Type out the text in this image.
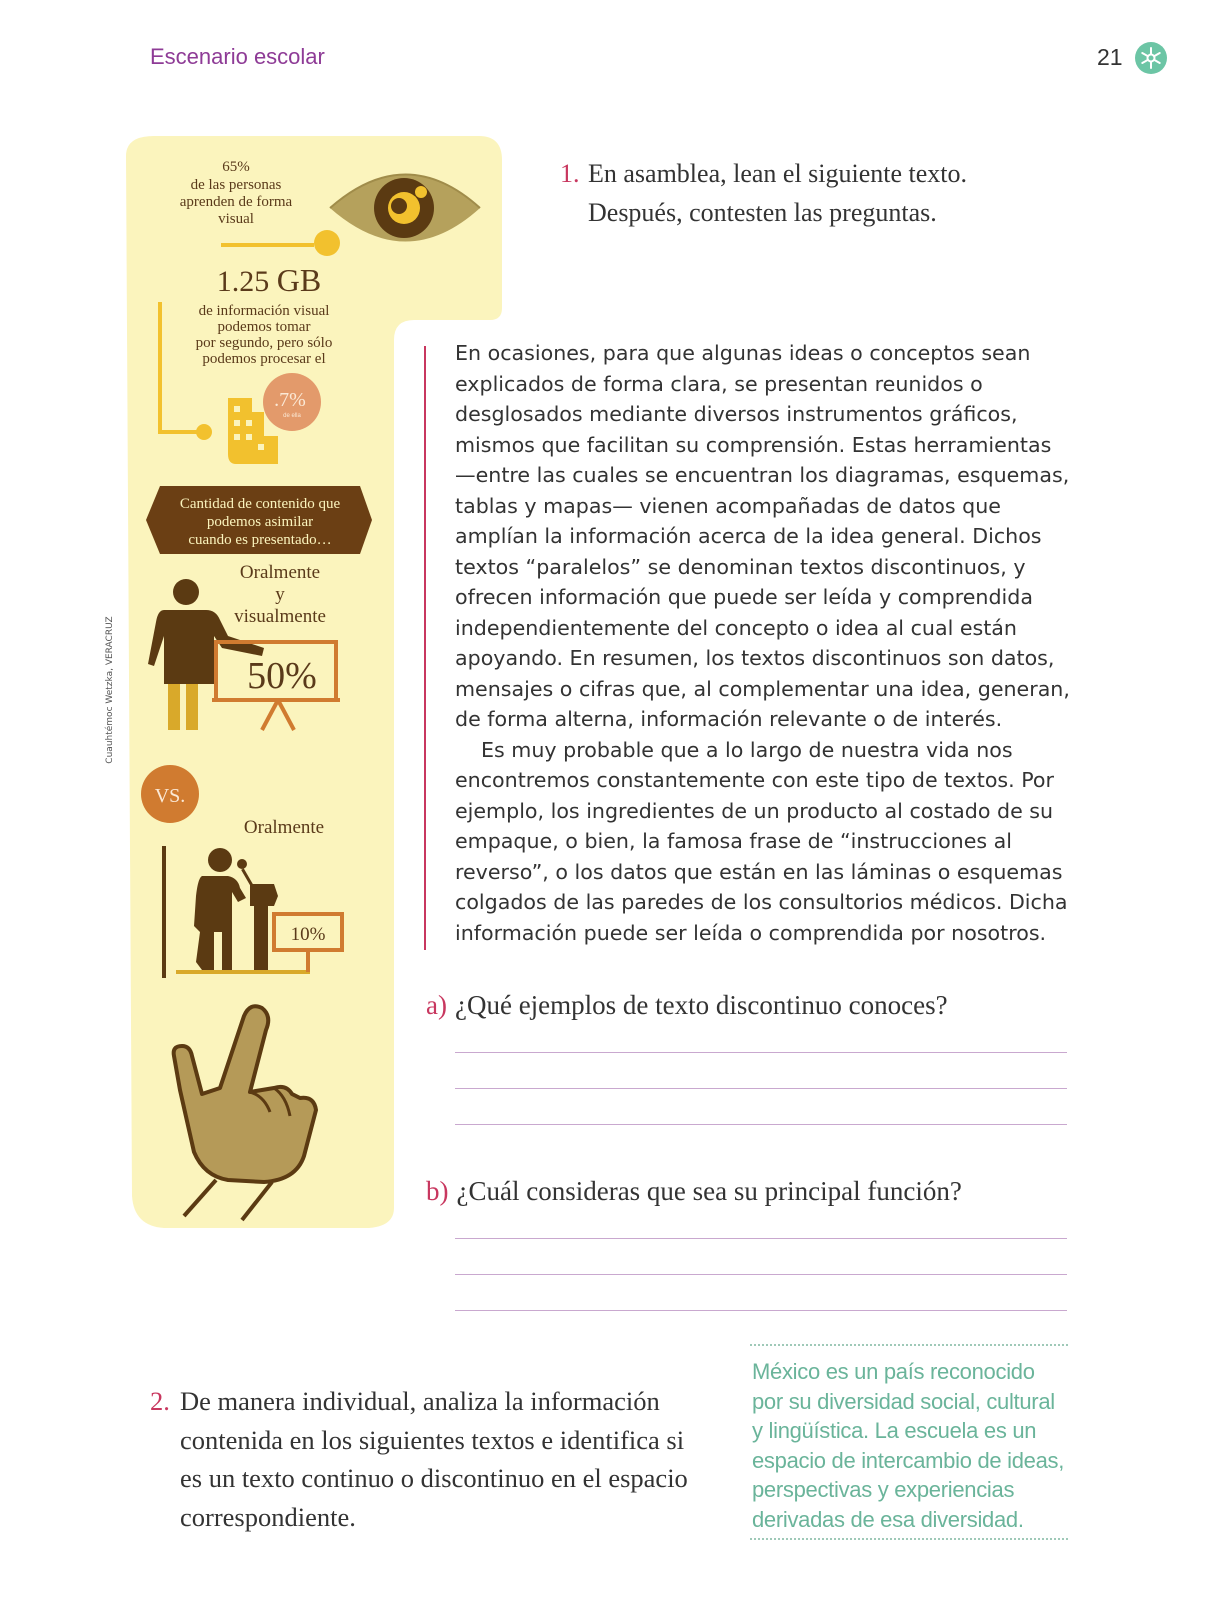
Escenario escolar	21
Cuauhtémoc Wetzka, VERACRUZ
65%
de las personas
aprenden de forma
visual
1.25 GB
de información visual
podemos tomar
por segundo, pero sólo
podemos procesar el
.7%
de ella
Cantidad de contenido que
podemos asimilar
cuando es presentado…
Oralmente
y
visualmente
50%
VS.
Oralmente
10%
1. En asamblea, lean el siguiente texto. Después, contesten las preguntas.

En ocasiones, para que algunas ideas o conceptos sean explicados de forma clara, se presentan reunidos o desglosados mediante diversos instrumentos gráficos, mismos que facilitan su comprensión. Estas herramientas —entre las cuales se encuentran los diagramas, esquemas, tablas y mapas— vienen acompañadas de datos que amplían la información acerca de la idea general. Dichos textos “paralelos” se denominan textos discontinuos, y ofrecen información que puede ser leída y comprendida independientemente del concepto o idea al cual están apoyando. En resumen, los textos discontinuos son datos, mensajes o cifras que, al complementar una idea, generan, de forma alterna, información relevante o de interés.

Es muy probable que a lo largo de nuestra vida nos encontremos constantemente con este tipo de textos. Por ejemplo, los ingredientes de un producto al costado de su empaque, o bien, la famosa frase de “instrucciones al reverso”, o los datos que están en las láminas o esquemas colgados de las paredes de los consultorios médicos. Dicha información puede ser leída o comprendida por nosotros.

a) ¿Qué ejemplos de texto discontinuo conoces?
b) ¿Cuál consideras que sea su principal función?
2. De manera individual, analiza la información contenida en los siguientes textos e identifica si es un texto continuo o discontinuo en el espacio correspondiente.
México es un país reconocido por su diversidad social, cultural y lingüística. La escuela es un espacio de intercambio de ideas, perspectivas y experiencias derivadas de esa diversidad.
